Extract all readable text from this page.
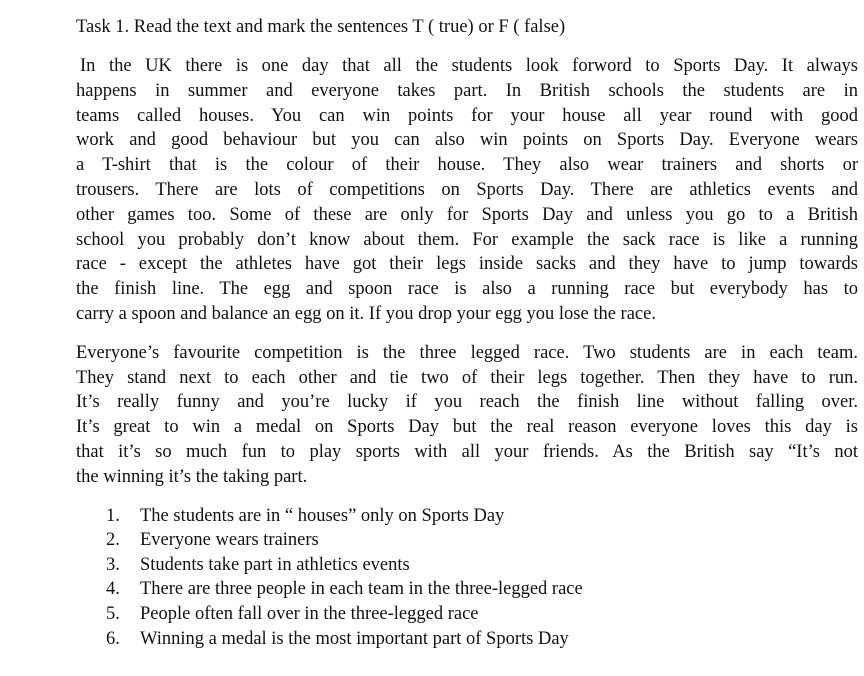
Task 1. Read the text and mark the sentences T ( true) or F ( false)

In the UK there is one day that all the students look forword to Sports Day. It always
happens in summer and everyone takes part. In British schools the students are in
teams called houses. You can win points for your house all year round with good
work and good behaviour but you can also win points on Sports Day. Everyone wears
a T-shirt that is the colour of their house. They also wear trainers and shorts or
trousers. There are lots of competitions on Sports Day. There are athletics events and
other games too. Some of these are only for Sports Day and unless you go to a British
school you probably don’t know about them. For example the sack race is like a running
race - except the athletes have got their legs inside sacks and they have to jump towards
the finish line. The egg and spoon race is also a running race but everybody has to
carry a spoon and balance an egg on it. If you drop your egg you lose the race.
Everyone’s favourite competition is the three legged race. Two students are in each team.
They stand next to each other and tie two of their legs together. Then they have to run.
It’s really funny and you’re lucky if you reach the finish line without falling over.
It’s great to win a medal on Sports Day but the real reason everyone loves this day is
that it’s so much fun to play sports with all your friends. As the British say “It’s not
the winning it’s the taking part.
1.	The students are in “ houses” only on Sports Day
2.	Everyone wears trainers
3.	Students take part in athletics events
4.	There are three people in each team in the three-legged race
5.	People often fall over in the three-legged race
6.	Winning a medal is the most important part of Sports Day
